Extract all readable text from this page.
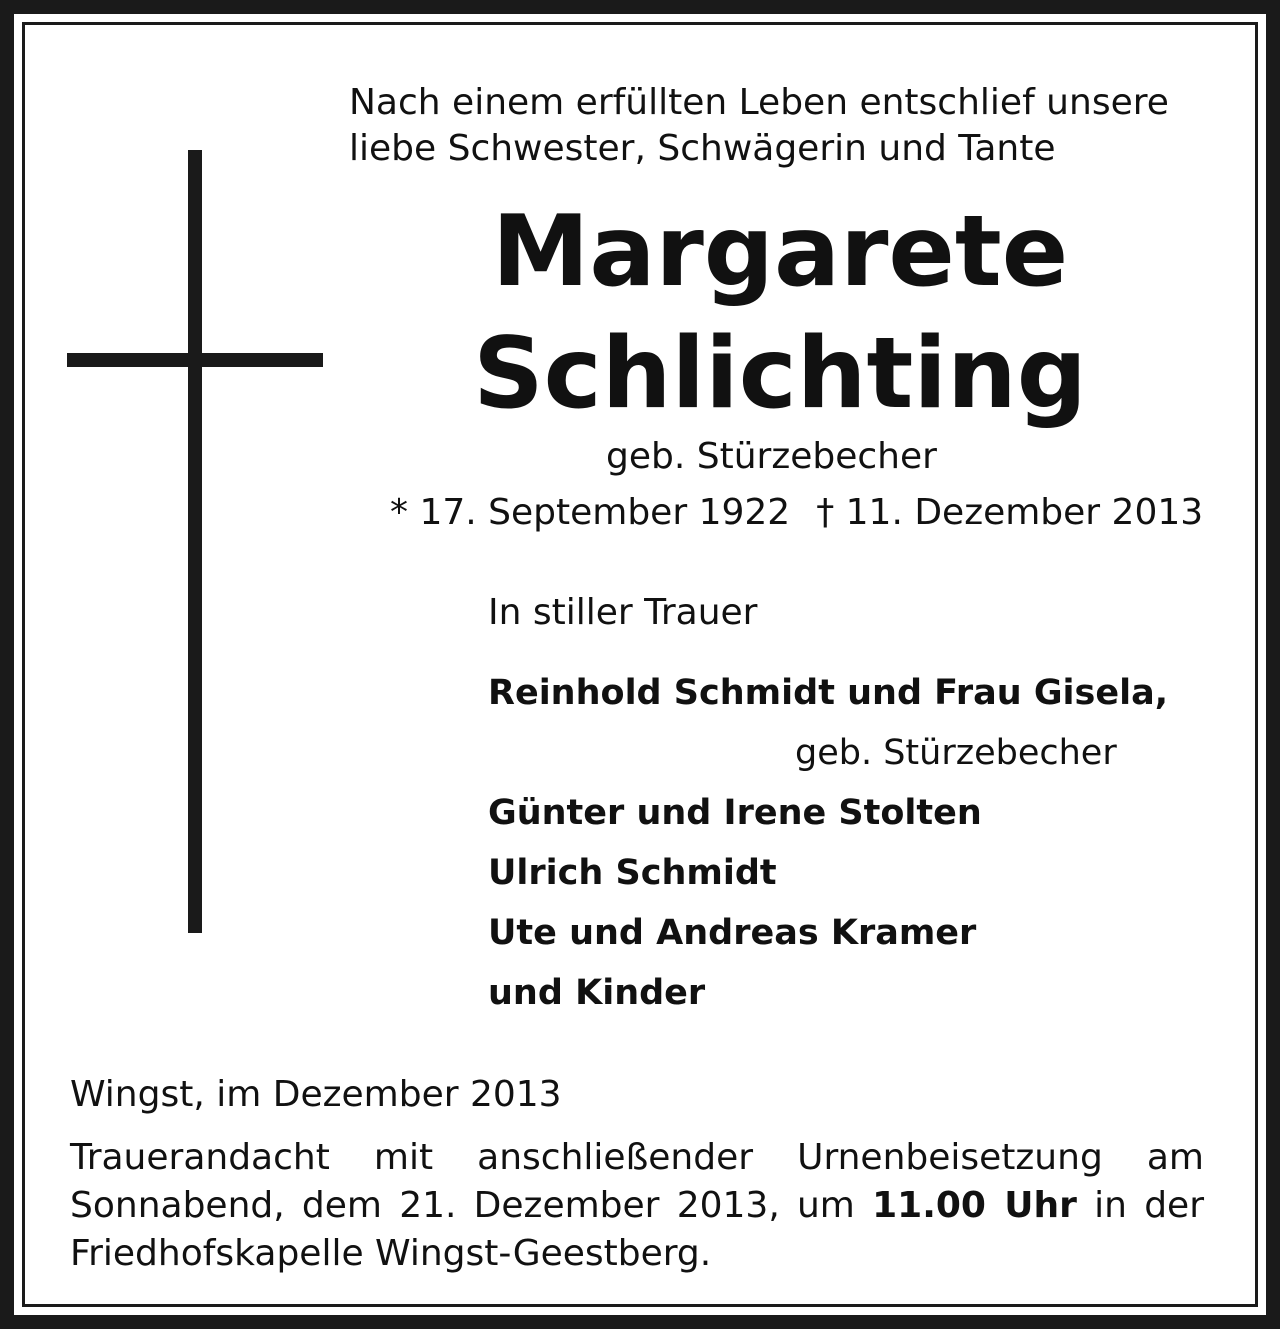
Nach einem erfüllten Leben entschlief unsere
liebe Schwester, Schwägerin und Tante
Margarete
Schlichting
geb. Stürzebecher
* 17. September 1922 † 11. Dezember 2013
In stiller Trauer
Reinhold Schmidt und Frau Gisela,
geb. Stürzebecher
Günter und Irene Stolten
Ulrich Schmidt
Ute und Andreas Kramer
und Kinder
Wingst, im Dezember 2013
Trauerandacht mit anschließender Urnenbeisetzung am Sonnabend, dem 21. Dezember 2013, um 11.00 Uhr in der Friedhofskapelle Wingst-Geestberg.
